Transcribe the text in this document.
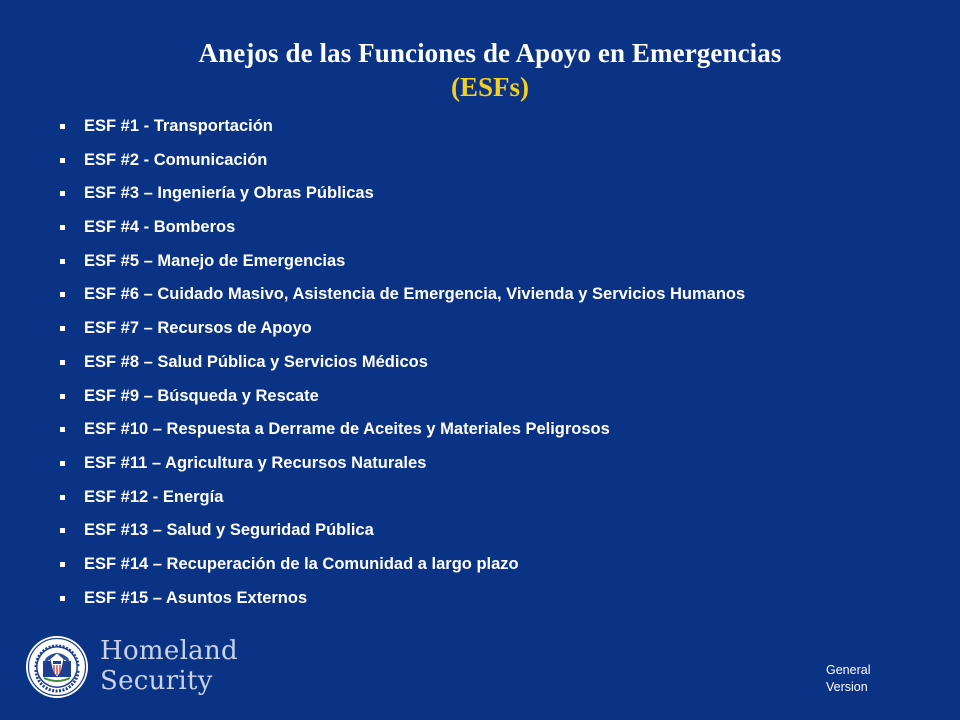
Anejos de las Funciones de Apoyo en Emergencias
(ESFs)
ESF #1 - Transportación
ESF #2 - Comunicación
ESF #3 – Ingeniería y Obras Públicas
ESF #4 - Bomberos
ESF #5 – Manejo de Emergencias
ESF #6 – Cuidado Masivo, Asistencia de Emergencia, Vivienda y Servicios Humanos
ESF #7 – Recursos de Apoyo
ESF #8 – Salud Pública y Servicios Médicos
ESF #9 – Búsqueda y Rescate
ESF #10 – Respuesta a Derrame de Aceites y Materiales Peligrosos
ESF #11 – Agricultura y Recursos Naturales
ESF #12 - Energía
ESF #13 – Salud y Seguridad Pública
ESF #14 – Recuperación de la Comunidad a largo plazo
ESF #15 – Asuntos Externos
Homeland
Security	General
Version
